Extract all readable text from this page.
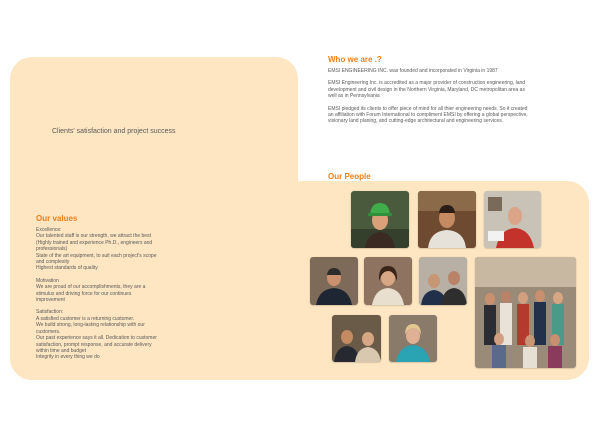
Clients' satisfaction and project success
Who we are .?

EMSI ENGINEERING INC. was founded and incorporated in Virginia in 1987

EMSI Engineering Inc. is accredited as a major provider of construction engineering, land development and civil design in the Northern Virginia, Maryland, DC metropolitan area as well as in Pennsylvania

EMSI pledged its clients to offer piece of mind for all thier engineering needs. So it created an affiliation with Forum International to compliment EMSI by offering a global perspective, visionary land planing, and cutting-edge architectural and engineering services.

Our People
Our values

Excellence:

Our talented staff is our strength, we attract the best (Highly trained and experience Ph.D., engineers and professionals)

State of the art equipment, to suit each project's scope and complexity

Highest standards of quality

Motivation

We are proud of our accomplishments, they are a stimulus and driving force for our continues improvement

Satisfaction:

A satisfied customer is a returning customer.

We build strong, long-lasting relationship with our customers.

Our past experience says it all. Dedication to customer satisfaction, prompt response, and accurate delivery within time and budget

Integrity in every thing we do
